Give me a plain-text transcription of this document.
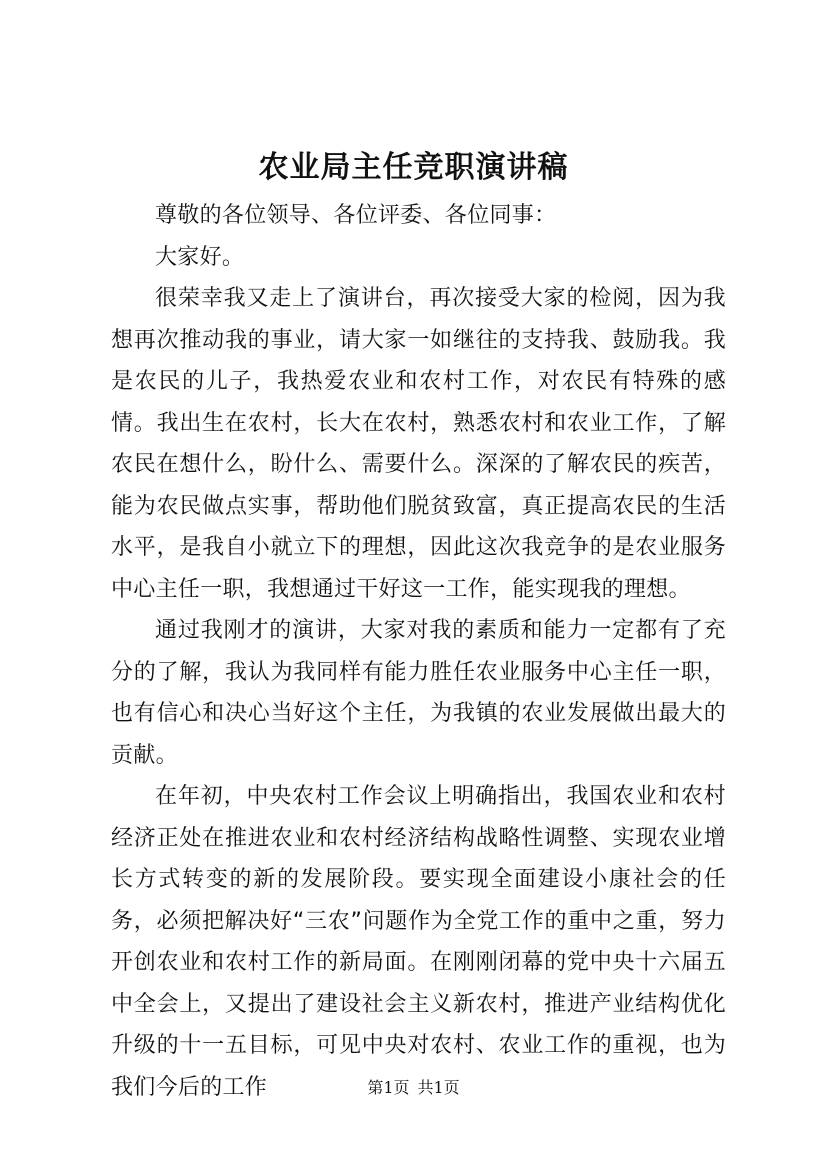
农业局主任竞职演讲稿

尊敬的各位领导、各位评委、各位同事：

大家好。

很荣幸我又走上了演讲台，再次接受大家的检阅，因为我想再次推动我的事业，请大家一如继往的支持我、鼓励我。我是农民的儿子，我热爱农业和农村工作，对农民有特殊的感情。我出生在农村，长大在农村，熟悉农村和农业工作，了解农民在想什么，盼什么、需要什么。深深的了解农民的疾苦，能为农民做点实事，帮助他们脱贫致富，真正提高农民的生活水平，是我自小就立下的理想，因此这次我竞争的是农业服务中心主任一职，我想通过干好这一工作，能实现我的理想。

通过我刚才的演讲，大家对我的素质和能力一定都有了充分的了解，我认为我同样有能力胜任农业服务中心主任一职，也有信心和决心当好这个主任，为我镇的农业发展做出最大的贡献。

在年初，中央农村工作会议上明确指出，我国农业和农村经济正处在推进农业和农村经济结构战略性调整、实现农业增长方式转变的新的发展阶段。要实现全面建设小康社会的任务，必须把解决好“三农”问题作为全党工作的重中之重，努力开创农业和农村工作的新局面。在刚刚闭幕的党中央十六届五中全会上，又提出了建设社会主义新农村，推进产业结构优化升级的十一五目标，可见中央对农村、农业工作的重视，也为我们今后的工作	第1页 共1页
